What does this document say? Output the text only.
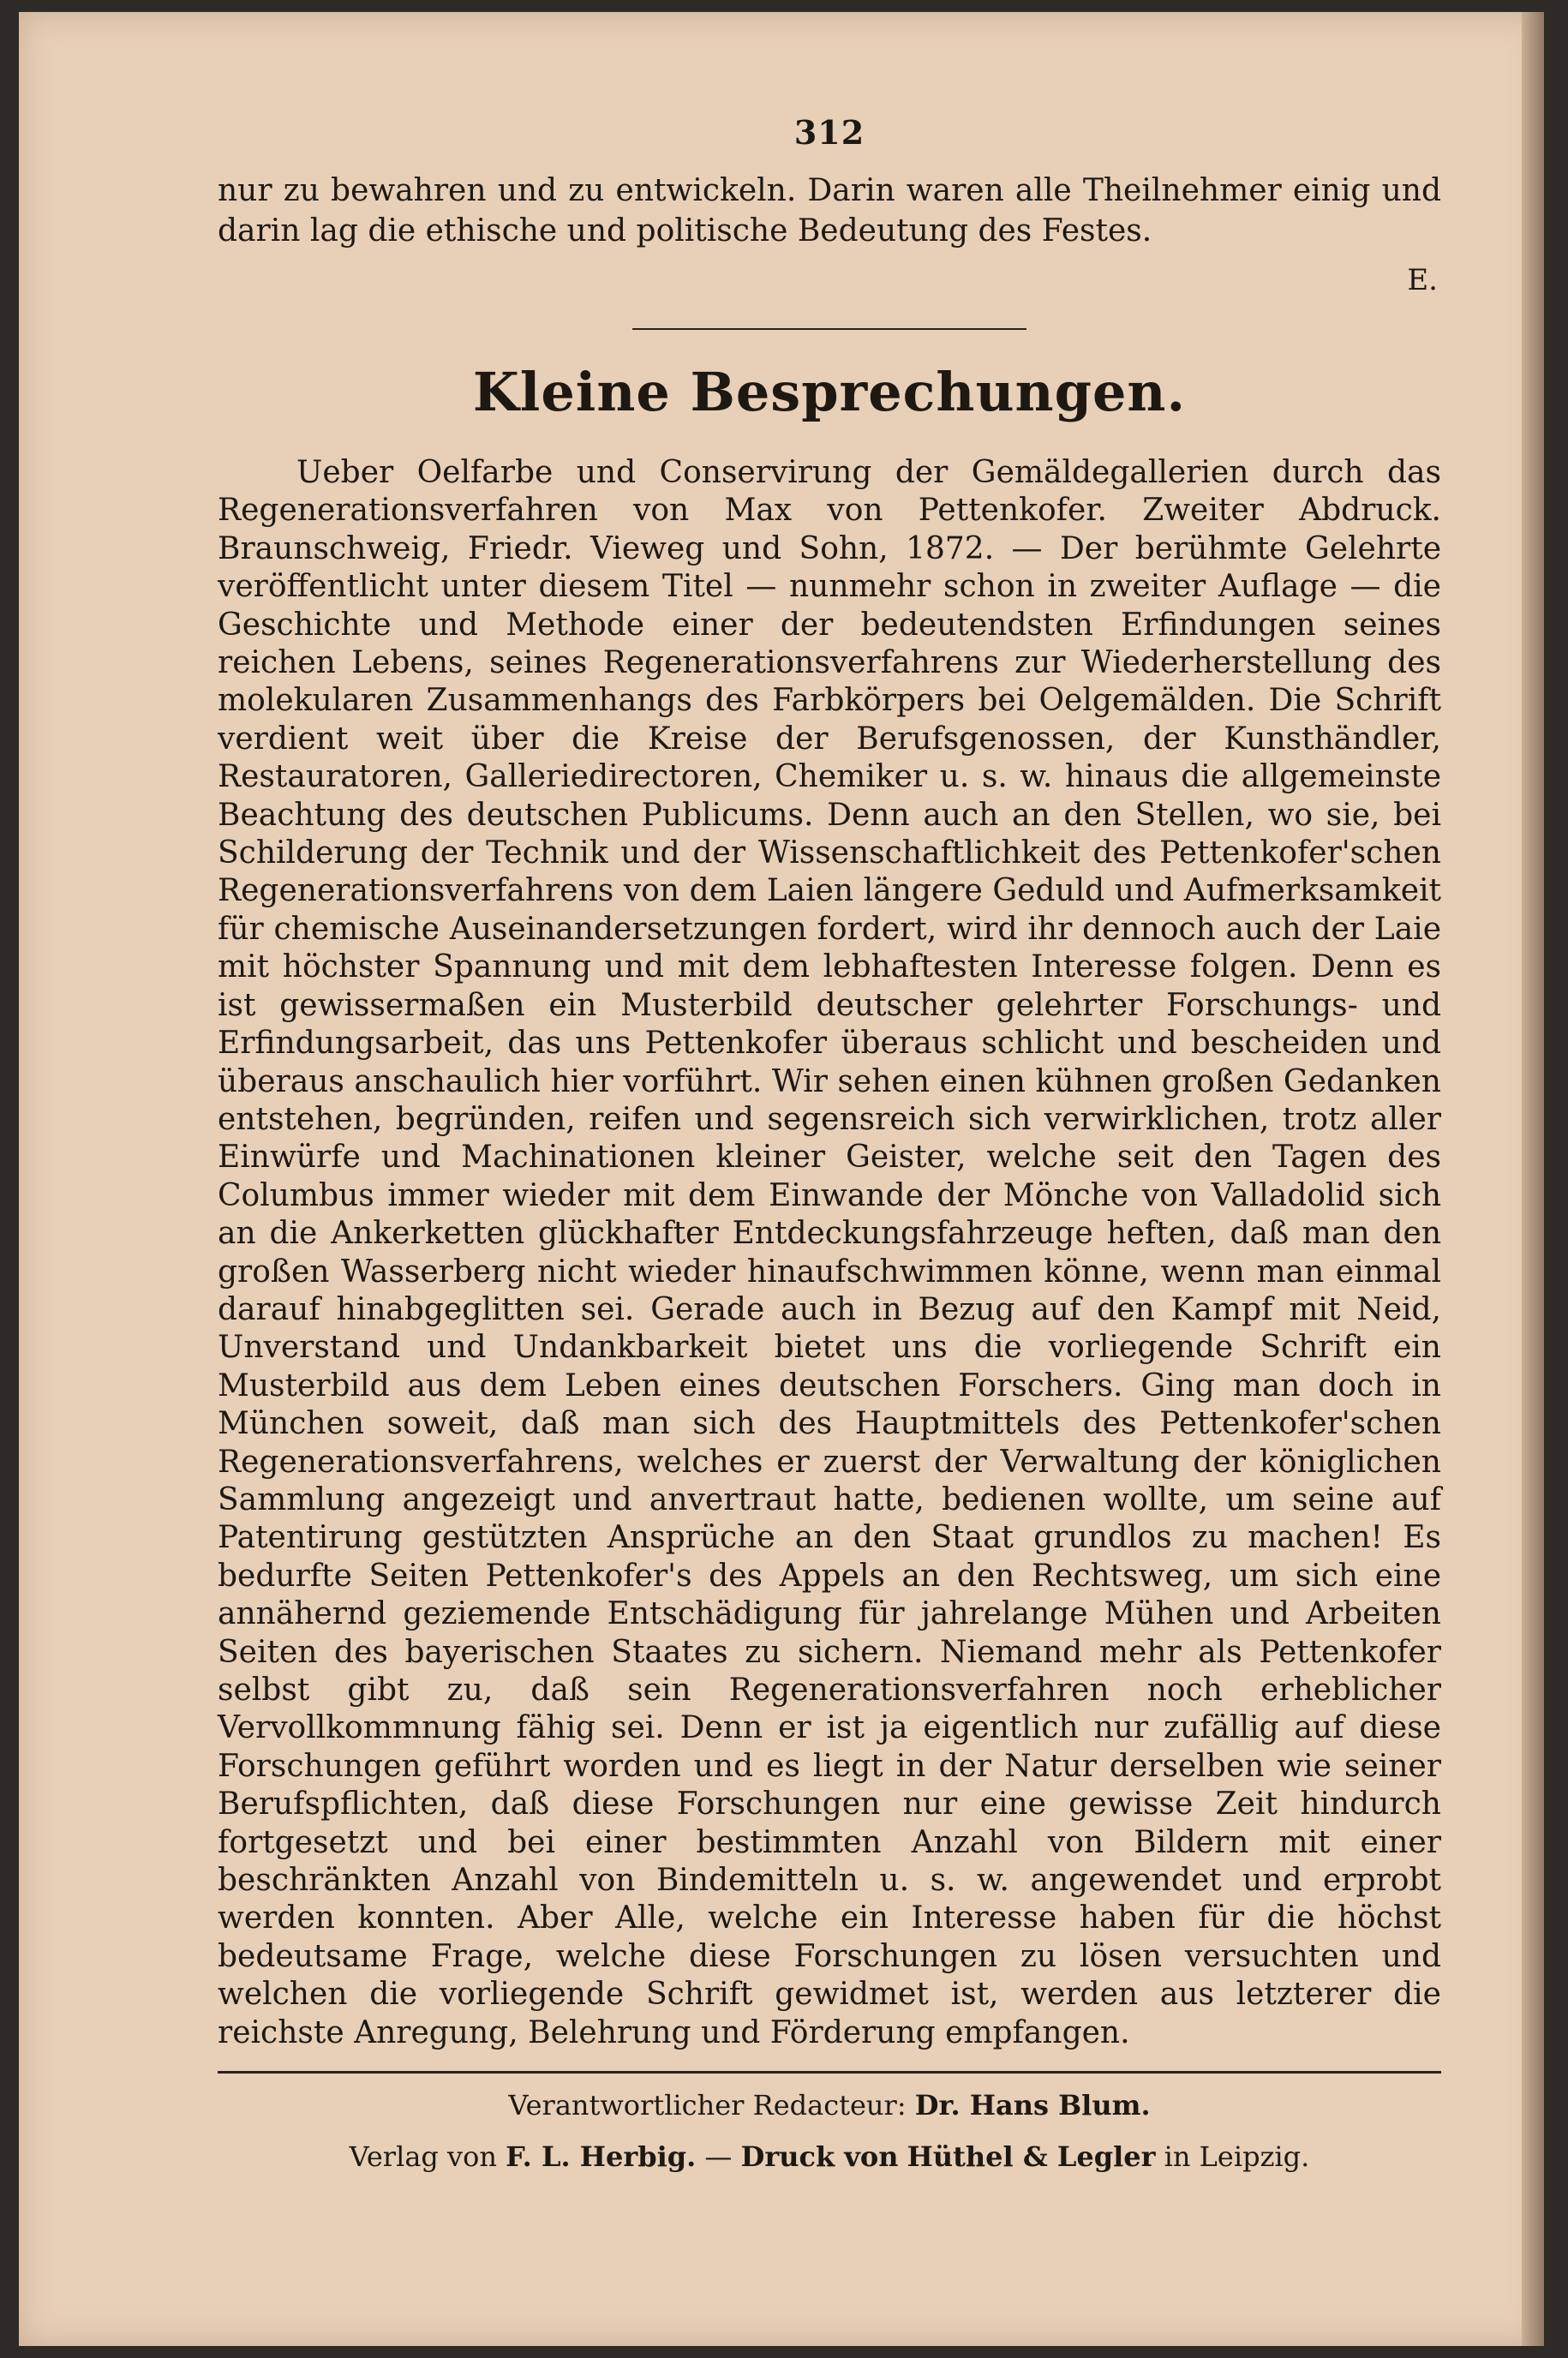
312

nur zu bewahren und zu entwickeln. Darin waren alle Theilnehmer einig und darin lag die ethische und politische Bedeutung des Festes.

E.
Kleine Besprechungen.

Ueber Oelfarbe und Conservirung der Gemäldegallerien durch das Regenerationsverfahren von Max von Pettenkofer. Zweiter Abdruck. Braunschweig, Friedr. Vieweg und Sohn, 1872. — Der berühmte Gelehrte veröffentlicht unter diesem Titel — nunmehr schon in zweiter Auflage — die Geschichte und Methode einer der bedeutendsten Erfindungen seines reichen Lebens, seines Regenerationsverfahrens zur Wiederherstellung des molekularen Zusammenhangs des Farbkörpers bei Oelgemälden. Die Schrift verdient weit über die Kreise der Berufsgenossen, der Kunsthändler, Restauratoren, Galleriedirectoren, Chemiker u. s. w. hinaus die allgemeinste Beachtung des deutschen Publicums. Denn auch an den Stellen, wo sie, bei Schilderung der Technik und der Wissenschaftlichkeit des Pettenkofer'schen Regenerationsverfahrens von dem Laien längere Geduld und Aufmerksamkeit für chemische Auseinandersetzungen fordert, wird ihr dennoch auch der Laie mit höchster Spannung und mit dem lebhaftesten Interesse folgen. Denn es ist gewissermaßen ein Musterbild deutscher gelehrter Forschungs- und Erfindungsarbeit, das uns Pettenkofer überaus schlicht und bescheiden und überaus anschaulich hier vorführt. Wir sehen einen kühnen großen Gedanken entstehen, begründen, reifen und segensreich sich verwirklichen, trotz aller Einwürfe und Machinationen kleiner Geister, welche seit den Tagen des Columbus immer wieder mit dem Einwande der Mönche von Valladolid sich an die Ankerketten glückhafter Entdeckungsfahrzeuge heften, daß man den großen Wasserberg nicht wieder hinaufschwimmen könne, wenn man einmal darauf hinabgeglitten sei. Gerade auch in Bezug auf den Kampf mit Neid, Unverstand und Undankbarkeit bietet uns die vorliegende Schrift ein Musterbild aus dem Leben eines deutschen Forschers. Ging man doch in München soweit, daß man sich des Hauptmittels des Pettenkofer'schen Regenerationsverfahrens, welches er zuerst der Verwaltung der königlichen Sammlung angezeigt und anvertraut hatte, bedienen wollte, um seine auf Patentirung gestützten Ansprüche an den Staat grundlos zu machen! Es bedurfte Seiten Pettenkofer's des Appels an den Rechtsweg, um sich eine annähernd geziemende Entschädigung für jahrelange Mühen und Arbeiten Seiten des bayerischen Staates zu sichern. Niemand mehr als Pettenkofer selbst gibt zu, daß sein Regenerationsverfahren noch erheblicher Vervollkommnung fähig sei. Denn er ist ja eigentlich nur zufällig auf diese Forschungen geführt worden und es liegt in der Natur derselben wie seiner Berufspflichten, daß diese Forschungen nur eine gewisse Zeit hindurch fortgesetzt und bei einer bestimmten Anzahl von Bildern mit einer beschränkten Anzahl von Bindemitteln u. s. w. angewendet und erprobt werden konnten. Aber Alle, welche ein Interesse haben für die höchst bedeutsame Frage, welche diese Forschungen zu lösen versuchten und welchen die vorliegende Schrift gewidmet ist, werden aus letzterer die reichste Anregung, Belehrung und Förderung empfangen.

Verantwortlicher Redacteur: Dr. Hans Blum.
Verlag von F. L. Herbig. — Druck von Hüthel & Legler in Leipzig.
